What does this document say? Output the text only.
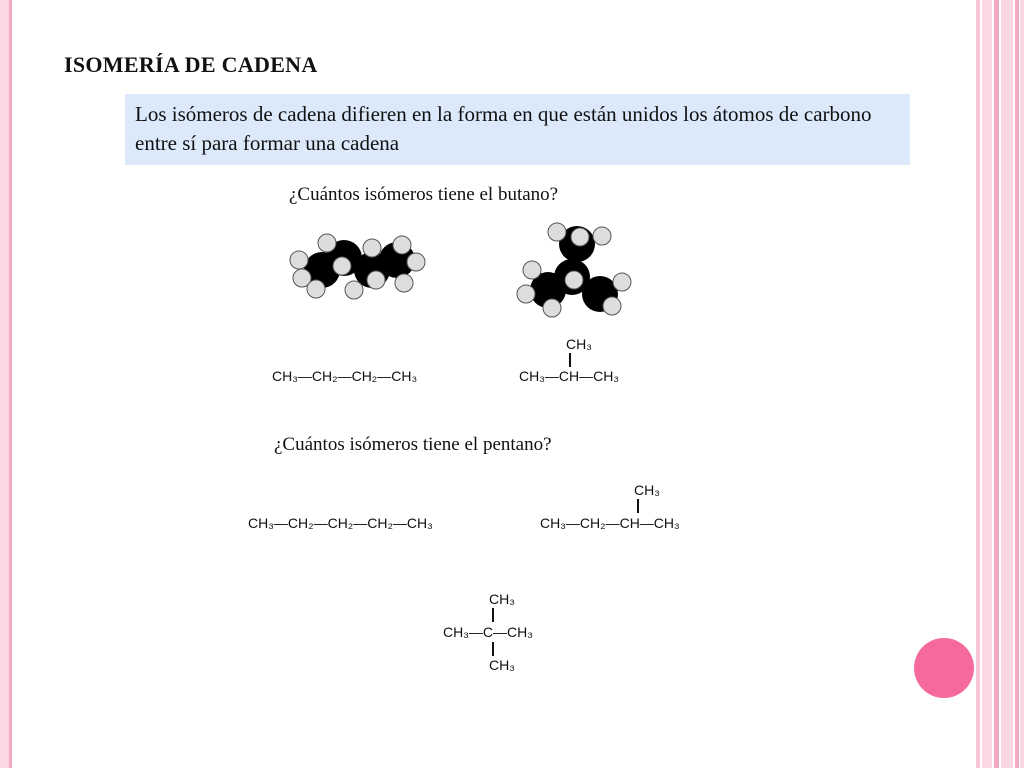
ISOMERÍA DE CADENA
Los isómeros de cadena difieren en la forma en que están unidos los átomos de carbono entre sí para formar una cadena
¿Cuántos isómeros tiene el butano?
CH₃—CH₂—CH₂—CH₃
CH₃
CH₃—CH—CH₃
¿Cuántos isómeros tiene el pentano?
CH₃—CH₂—CH₂—CH₂—CH₃
CH₃
CH₃—CH₂—CH—CH₃
CH₃
CH₃—C—CH₃
CH₃
